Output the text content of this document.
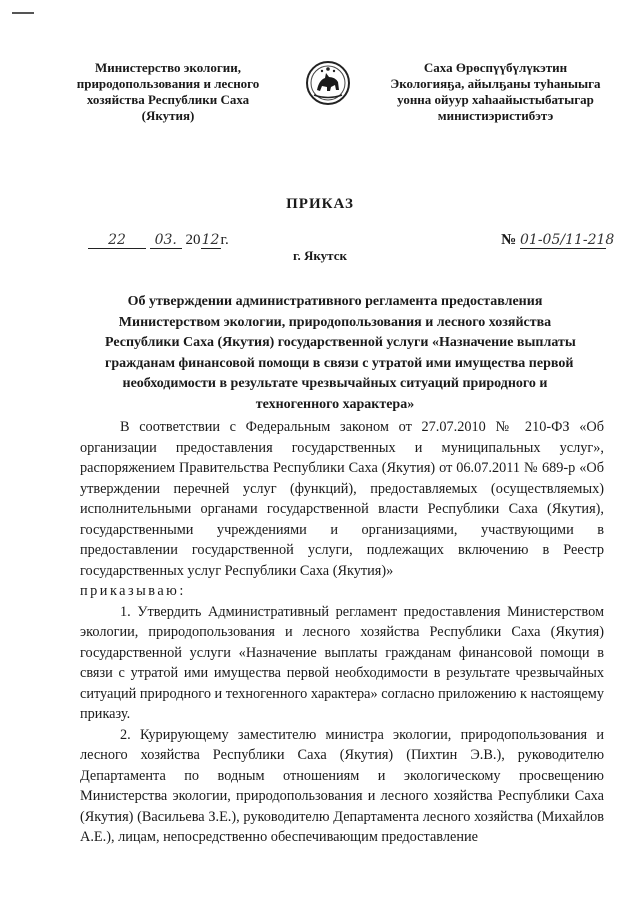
Министерство экологии,
природопользования и лесного
хозяйства Республики Саха
(Якутия)
Саха Өрөспүүбүлүкэтин
Экологияҕа, айылҕаны туһаныыга
уонна ойуур хаhаайыстыбатыгар
министиэристибэтэ
ПРИКАЗ
22 03. 2012г.	№ 01-05/11-218
г. Якутск
Об утверждении административного регламента предоставления
Министерством экологии, природопользования и лесного хозяйства
Республики Саха (Якутия) государственной услуги «Назначение выплаты
гражданам финансовой помощи в связи с утратой ими имущества первой
необходимости в результате чрезвычайных ситуаций природного и
техногенного характера»

В соответствии с Федеральным законом от 27.07.2010 № 210-ФЗ «Об организации предоставления государственных и муниципальных услуг», распоряжением Правительства Республики Саха (Якутия) от 06.07.2011 № 689-р «Об утверждении перечней услуг (функций), предоставляемых (осуществляемых) исполнительными органами государственной власти Республики Саха (Якутия), государственными учреждениями и организациями, участвующими в предоставлении государственной услуги, подлежащих включению в Реестр государственных услуг Республики Саха (Якутия)»

приказываю:

1. Утвердить Административный регламент предоставления Министерством экологии, природопользования и лесного хозяйства Республики Саха (Якутия) государственной услуги «Назначение выплаты гражданам финансовой помощи в связи с утратой ими имущества первой необходимости в результате чрезвычайных ситуаций природного и техногенного характера» согласно приложению к настоящему приказу.

2. Курирующему заместителю министра экологии, природопользования и лесного хозяйства Республики Саха (Якутия) (Пихтин Э.В.), руководителю Департамента по водным отношениям и экологическому просвещению Министерства экологии, природопользования и лесного хозяйства Республики Саха (Якутия) (Васильева З.Е.), руководителю Департамента лесного хозяйства (Михайлов А.Е.), лицам, непосредственно обеспечивающим предоставление
